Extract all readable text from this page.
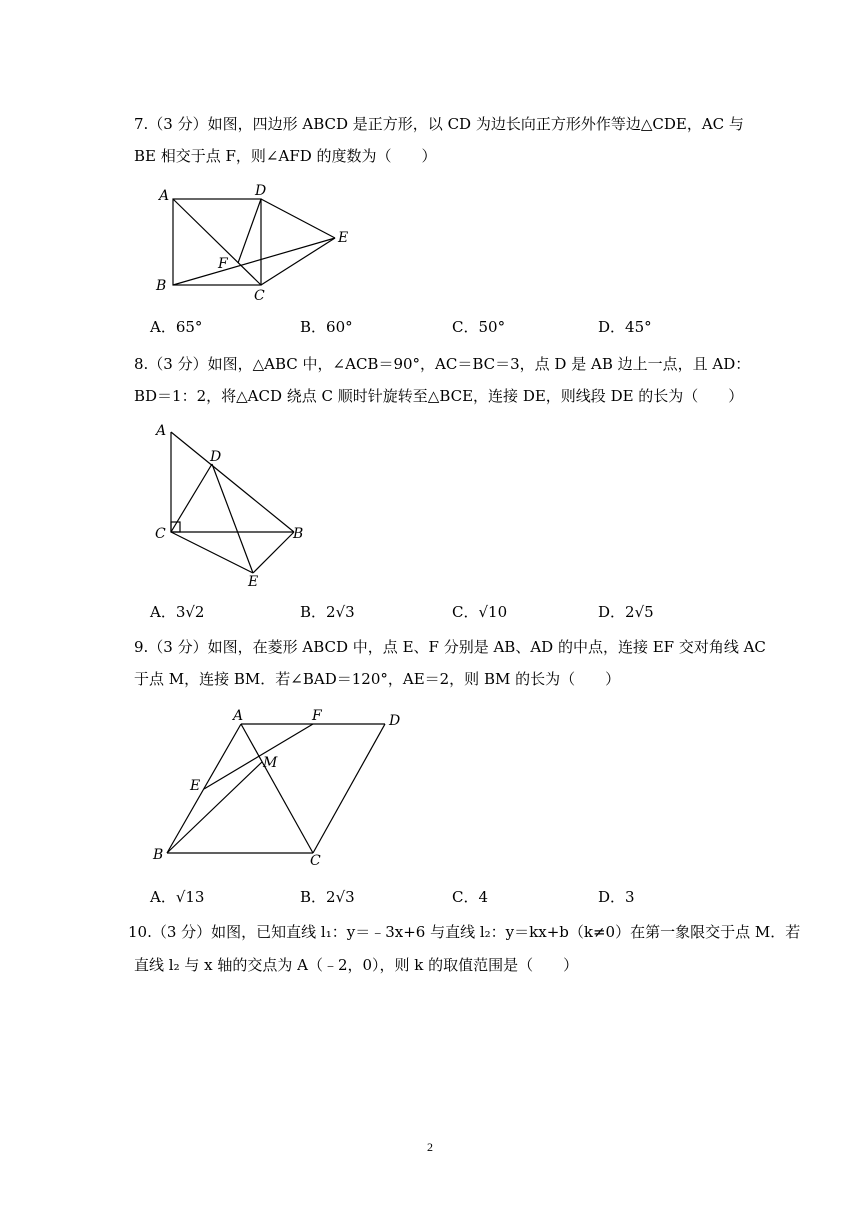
7.（3 分）如图，四边形 ABCD 是正方形，以 CD 为边长向正方形外作等边△CDE，AC 与
BE 相交于点 F，则∠AFD 的度数为（　　）
A	D
E
B
C
F
A．65°	B．60°	C．50°	D．45°
8.（3 分）如图，△ABC 中，∠ACB＝90°，AC＝BC＝3，点 D 是 AB 边上一点，且 AD：
BD＝1：2，将△ACD 绕点 C 顺时针旋转至△BCE，连接 DE，则线段 DE 的长为（　　）
A
D
C	B
E
A．3√2	B．2√3	C．√10	D．2√5
9.（3 分）如图，在菱形 ABCD 中，点 E、F 分别是 AB、AD 的中点，连接 EF 交对角线 AC
于点 M，连接 BM．若∠BAD＝120°，AE＝2，则 BM 的长为（　　）
A	F	D
M
E
B	C
A．√13	B．2√3	C．4	D．3
10.（3 分）如图，已知直线 l₁：y＝﹣3x+6 与直线 l₂：y＝kx+b（k≠0）在第一象限交于点 M．若
直线 l₂ 与 x 轴的交点为 A（﹣2，0），则 k 的取值范围是（　　）
2
